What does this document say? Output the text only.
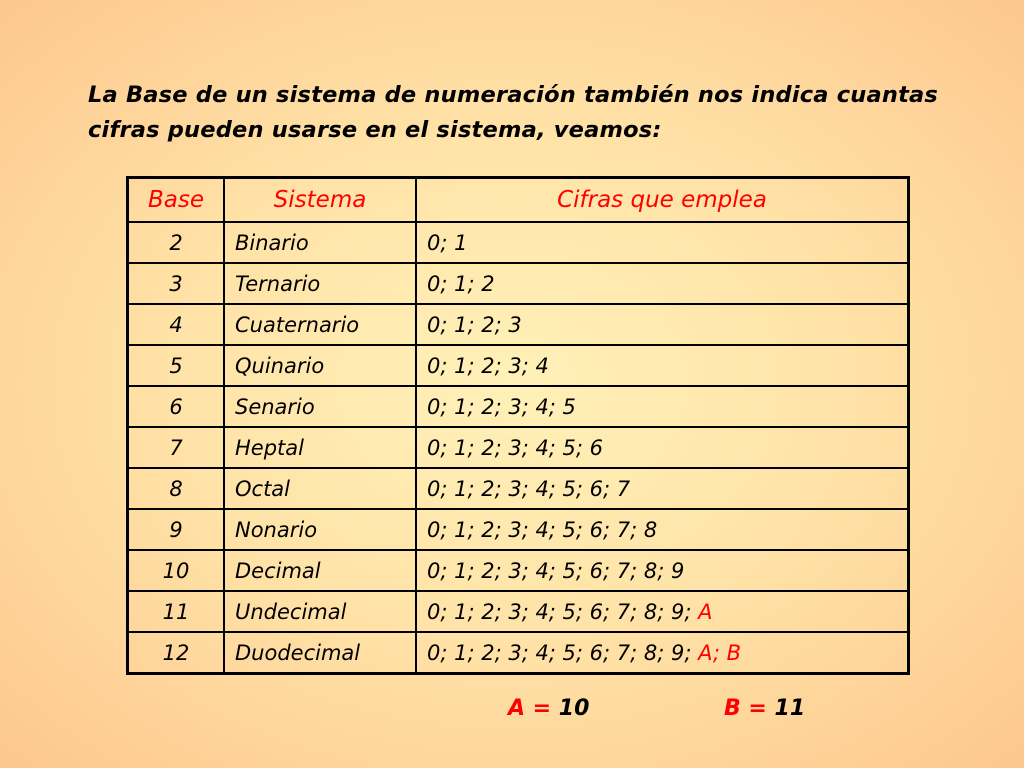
La Base de un sistema de numeración también nos indica cuantas cifras pueden usarse en el sistema, veamos:
Base	Sistema	Cifras que emplea
2	Binario	0; 1
3	Ternario	0; 1; 2
4	Cuaternario	0; 1; 2; 3
5	Quinario	0; 1; 2; 3; 4
6	Senario	0; 1; 2; 3; 4; 5
7	Heptal	0; 1; 2; 3; 4; 5; 6
8	Octal	0; 1; 2; 3; 4; 5; 6; 7
9	Nonario	0; 1; 2; 3; 4; 5; 6; 7; 8
10	Decimal	0; 1; 2; 3; 4; 5; 6; 7; 8; 9
11	Undecimal	0; 1; 2; 3; 4; 5; 6; 7; 8; 9; A
12	Duodecimal	0; 1; 2; 3; 4; 5; 6; 7; 8; 9; A; B
A = 10	B = 11
